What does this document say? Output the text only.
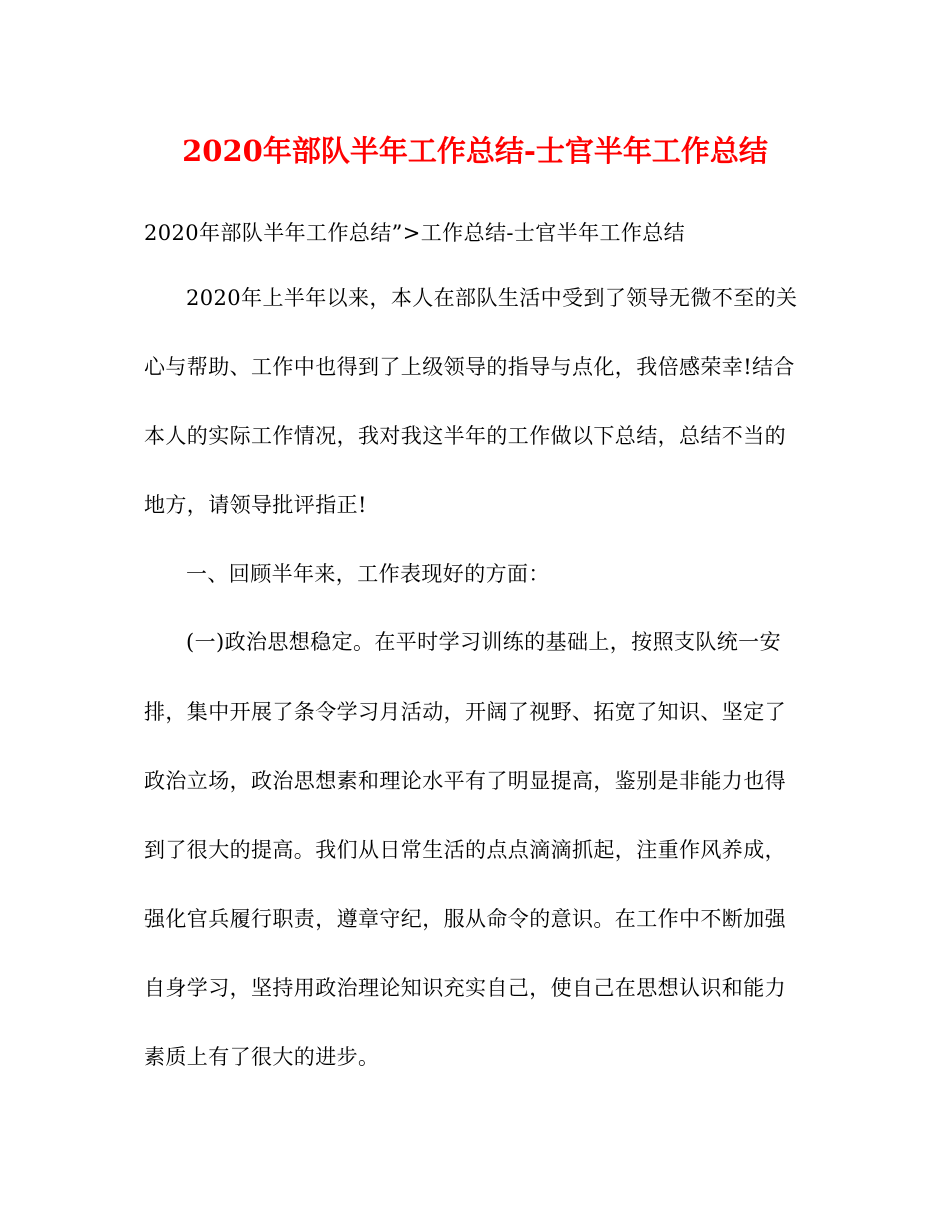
2020年部队半年工作总结-士官半年工作总结
2020年部队半年工作总结”>工作总结-士官半年工作总结
2020年上半年以来，本人在部队生活中受到了领导无微不至的关
心与帮助、工作中也得到了上级领导的指导与点化，我倍感荣幸!结合
本人的实际工作情况，我对我这半年的工作做以下总结，总结不当的
地方，请领导批评指正!
一、回顾半年来，工作表现好的方面：
(一)政治思想稳定。在平时学习训练的基础上，按照支队统一安
排，集中开展了条令学习月活动，开阔了视野、拓宽了知识、坚定了
政治立场，政治思想素和理论水平有了明显提高，鉴别是非能力也得
到了很大的提高。我们从日常生活的点点滴滴抓起，注重作风养成，
强化官兵履行职责，遵章守纪，服从命令的意识。在工作中不断加强
自身学习，坚持用政治理论知识充实自己，使自己在思想认识和能力
素质上有了很大的进步。
